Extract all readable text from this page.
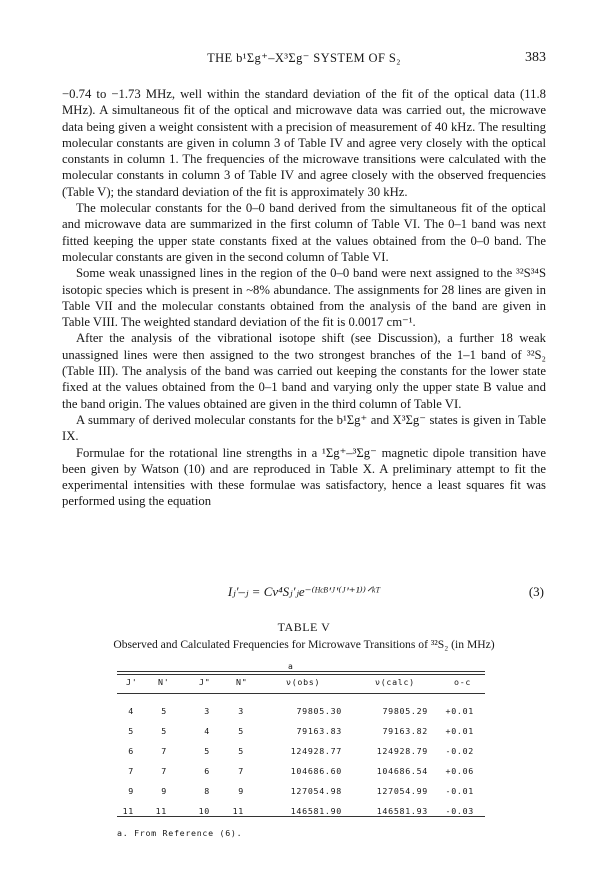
THE b¹Σg⁺–X³Σg⁻ SYSTEM OF S₂	383

−0.74 to −1.73 MHz, well within the standard deviation of the fit of the optical data (11.8 MHz). A simultaneous fit of the optical and microwave data was carried out, the microwave data being given a weight consistent with a precision of measurement of 40 kHz. The resulting molecular constants are given in column 3 of Table IV and agree very closely with the optical constants in column 1. The frequencies of the microwave transitions were calculated with the molecular constants in column 3 of Table IV and agree closely with the observed frequencies (Table V); the standard deviation of the fit is approximately 30 kHz.

The molecular constants for the 0–0 band derived from the simultaneous fit of the optical and microwave data are summarized in the first column of Table VI. The 0–1 band was next fitted keeping the upper state constants fixed at the values obtained from the 0–0 band. The molecular constants are given in the second column of Table VI.

Some weak unassigned lines in the region of the 0–0 band were next assigned to the ³²S³⁴S isotopic species which is present in ~8% abundance. The assignments for 28 lines are given in Table VII and the molecular constants obtained from the analysis of the band are given in Table VIII. The weighted standard deviation of the fit is 0.0017 cm⁻¹.

After the analysis of the vibrational isotope shift (see Discussion), a further 18 weak unassigned lines were then assigned to the two strongest branches of the 1–1 band of ³²S₂ (Table III). The analysis of the band was carried out keeping the constants for the lower state fixed at the values obtained from the 0–1 band and varying only the upper state B value and the band origin. The values obtained are given in the third column of Table VI.

A summary of derived molecular constants for the b¹Σg⁺ and X³Σg⁻ states is given in Table IX.

Formulae for the rotational line strengths in a ¹Σg⁺–³Σg⁻ magnetic dipole transition have been given by Watson (10) and are reproduced in Table X. A preliminary attempt to fit the experimental intensities with these formulae was satisfactory, hence a least squares fit was performed using the equation

Iⱼ′–ⱼ = Cν⁴Sⱼ′ⱼe⁻⁽ᴴᶜᴮ′ᴶ′⁽ᴶ′⁺¹⁾⁾ᐟᵏᵀ	(3)
TABLE V
Observed and Calculated Frequencies for Microwave Transitions of ³²S₂ (in MHz)
a
J' N'	J"	N"	ν(obs)	ν(calc)	o-c
4	5	3	3	79805.30	79805.29 +0.01
5	5	4	5	79163.83	79163.82 +0.01
6	7	5	5	124928.77	124928.79 -0.02
7	7	6	7	104686.60	104686.54 +0.06
9	9	8	9	127054.98	127054.99 -0.01
11	11	10	11	146581.90	146581.93 -0.03
a. From Reference (6).
